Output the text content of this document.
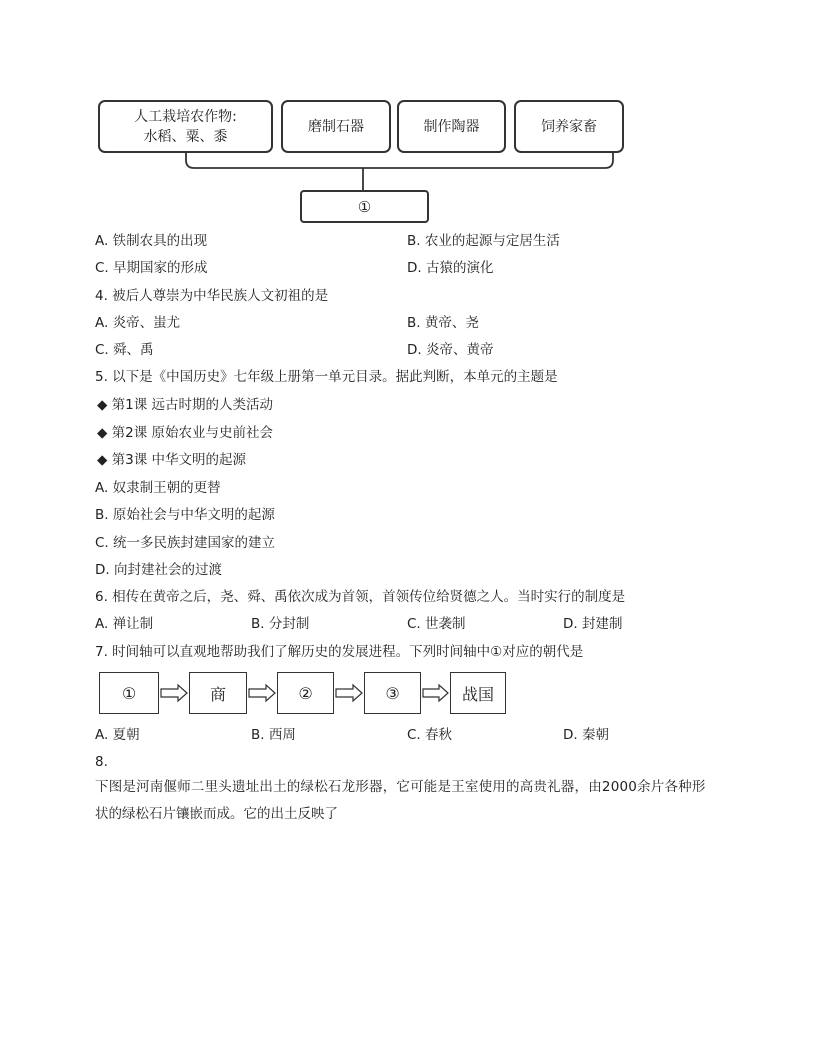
人工栽培农作物:
水稻、粟、黍
磨制石器	制作陶器	饲养家畜
①
A. 铁制农具的出现	B. 农业的起源与定居生活
C. 早期国家的形成	D. 古猿的演化
4. 被后人尊崇为中华民族人文初祖的是
A. 炎帝、蚩尤	B. 黄帝、尧
C. 舜、禹	D. 炎帝、黄帝
5. 以下是《中国历史》七年级上册第一单元目录。据此判断，本单元的主题是
◆ 第1课 远古时期的人类活动
◆ 第2课 原始农业与史前社会
◆ 第3课 中华文明的起源
A. 奴隶制王朝的更替
B. 原始社会与中华文明的起源
C. 统一多民族封建国家的建立
D. 向封建社会的过渡
6. 相传在黄帝之后，尧、舜、禹依次成为首领，首领传位给贤德之人。当时实行的制度是
A. 禅让制	B. 分封制	C. 世袭制	D. 封建制
7. 时间轴可以直观地帮助我们了解历史的发展进程。下列时间轴中①对应的朝代是
①	商	②	③	战国
A. 夏朝	B. 西周	C. 春秋	D. 秦朝
8.
下图是河南偃师二里头遗址出土的绿松石龙形器，它可能是王室使用的高贵礼器，由2000余片各种形
状的绿松石片镶嵌而成。它的出土反映了
